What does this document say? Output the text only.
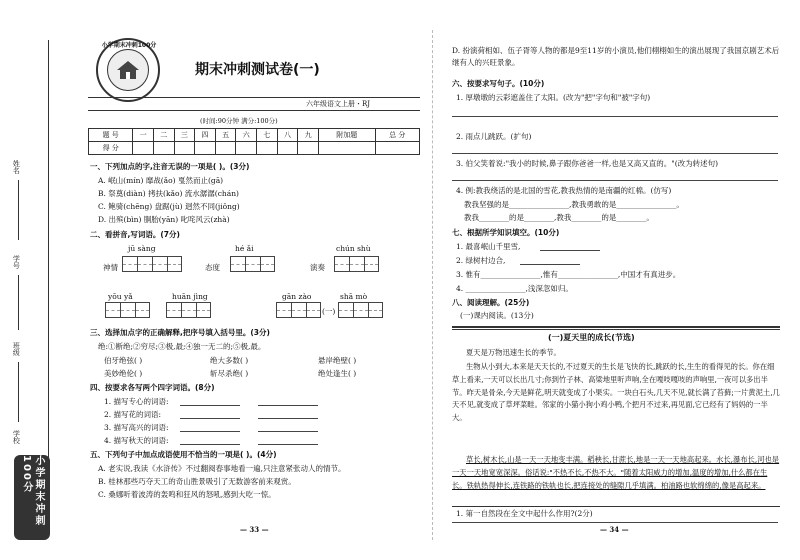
姓名
学号
班级
学校
小学期末冲刺100分
小学期末冲刺100分
期末冲刺测试卷(一)
六年级语文上册・RJ
(时间:90分钟 满分:100分)
题 号	一	二	三	四	五	六	七	八	九	附加题	总 分
得 分											
一、下列加点的字,注音无误的一项是( )。(3分)
A. 岷山(mín) 靡战(ǎo) 戛然而止(gā)
B. 祭奠(diàn) 拷扶(kǎo) 流水潺潺(chán)
C. 鲍骑(chēng) 盘踞(jù) 迥然不同(jiǒng)
D. 出殡(bìn) 胴胎(yān) 叱咤风云(zhà)
二、看拼音,写词语。(7分)
jū sàng	hé ǎi	chún shù
神情	态度	演奏
yōu yǎ	huān jìng	gān zào	shā mò
(一)
三、选择加点字的正确解释,把序号填入括号里。(3分)
绝:①断绝;②穷尽;③极,最;④独一无二的;⑤极,最。
伯牙绝弦( )	绝大多数( )	悬岸绝壁( )
美妙绝伦( )	斩尽杀绝( )	绝处逢生( )
四、按要求各写两个四字词语。(8分)
1. 描写专心的词语:
2. 描写花的词语:
3. 描写高兴的词语:
4. 描写秋天的词语:
五、下列句子中加点成语使用不恰当的一项是( )。(4分)
A. 老实说,我读《水浒传》不过翻阅春事地看一遍,只注意紧张动人的情节。
B. 桂林那些巧夺天工的奇山胜景吸引了无数游客前来观赏。
C. 桑娜听着波涛的轰鸣和狂风的怒吼,感到大吃一惊。
— 33 —
D. 扮演荷相如、伍子胥等人物的都是9至11岁的小演员,他们栩栩如生的演出展现了我国京剧艺术后继有人的兴旺景象。
六、按要求写句子。(10分)
1. 厚墩墩的云彩遮盖住了太阳。(改为"把"字句和"被"字句)
2. 雨点儿跳跃。(扩句)
3. 伯父笑着说:"我小的时候,鼻子跟你爸爸一样,也是又高又直的。"(改为转述句)
4. 例:教我绕活的是北国的雪花,教我热情的是南疆的红棉。(仿写)
教我坚强的是________________,教我勇敢的是________________。
教我________的是________,教我________的是________。
七、根据所学知识填空。(10分)
1. 最喜岷山千里雪,
2. 绿树村边合,
3. 惟有________________,惟有________________,中国才有真进步。
4. ________________,浅深忽如归。
八、阅读理解。(25分)
(一)课内阅读。(13分)
(一)夏天里的成长(节选)
夏天是万物迅速生长的季节。
生物从小到大,本来是天天长的,不过夏天的生长是飞快的长,跳跃的长,生生的看得见的长。你在细草上看来,一天可以长出几寸;你到竹子林、高梁地里听声响,全在嘎吱嘎吱的声响里,一夜可以多出半节。昨天是骨朵,今天是鲜花,明天就变成了小果实。一块白石头,几天不见,就长满了苔藓;一片黄泥土,几天不见,就变成了草坪菜畦。邻家的小猫小狗小鸡小鸭,个把月不过来,再见面,它已经有了妈妈的一半大。
草长,树木长,山是一天一天地变丰满。稻秧长,甘蔗长,地是一天一天地高起来。水长,瀑布长,河也是一天一天地宽宽深深。俗话说:"不热不长,不热不大。"随着太阳威力的增加,温度的增加,什么都在生长。铁轨热得伸长,连铁路的铁轨也长,把连接处的缝隙几乎填满。柏油路也软绵绵的,像是高起来。
1. 第一自然段在全文中起什么作用?(2分)
— 34 —
